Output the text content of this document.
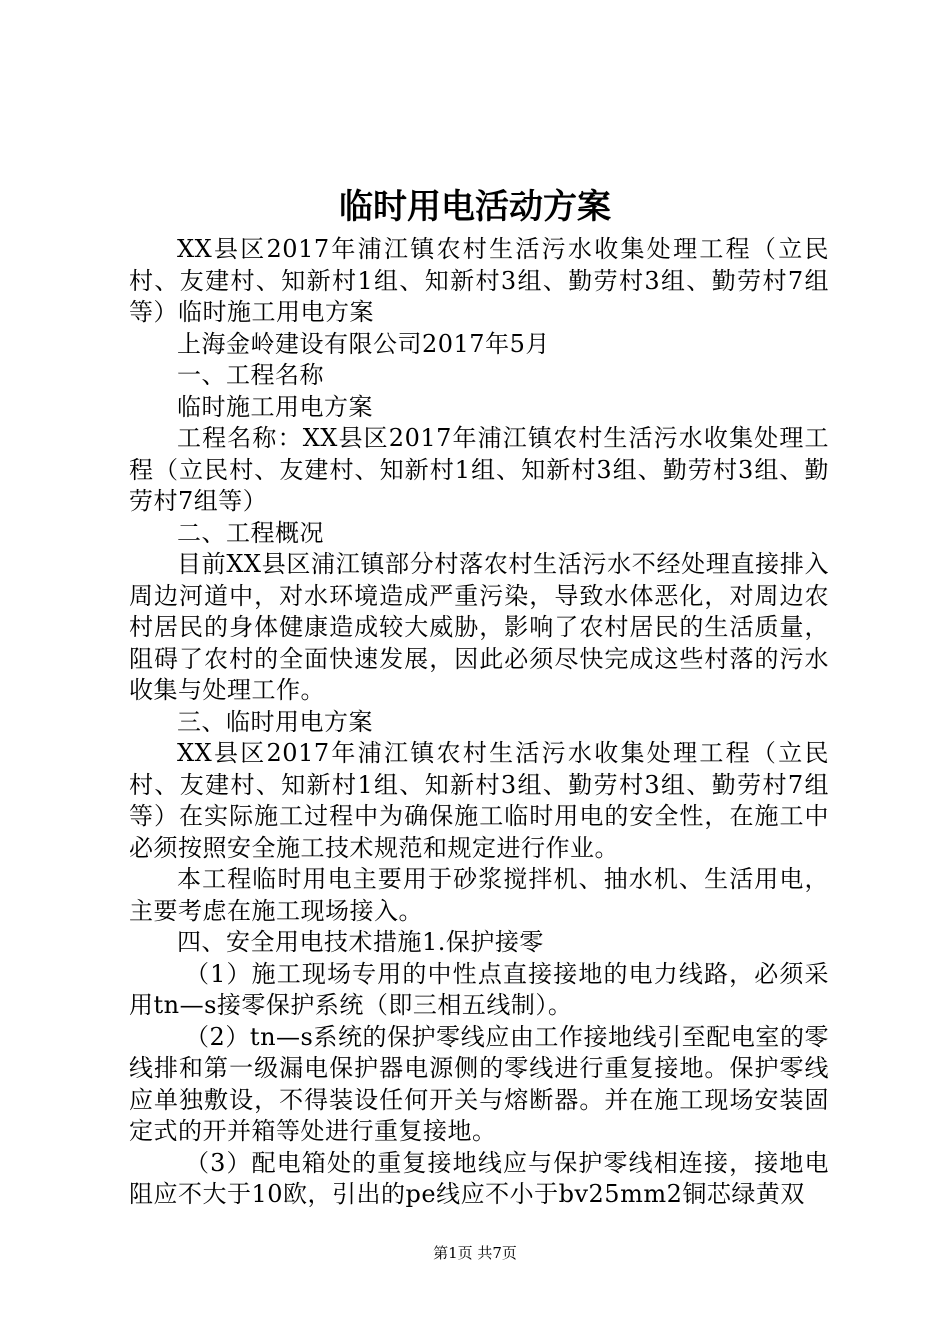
临时用电活动方案

XX县区2017年浦江镇农村生活污水收集处理工程（立民村、友建村、知新村1组、知新村3组、勤劳村3组、勤劳村7组等）临时施工用电方案

上海金岭建设有限公司2017年5月

一、工程名称

临时施工用电方案

工程名称：XX县区2017年浦江镇农村生活污水收集处理工程（立民村、友建村、知新村1组、知新村3组、勤劳村3组、勤劳村7组等）

二、工程概况

目前XX县区浦江镇部分村落农村生活污水不经处理直接排入周边河道中，对水环境造成严重污染，导致水体恶化，对周边农村居民的身体健康造成较大威胁，影响了农村居民的生活质量，阻碍了农村的全面快速发展，因此必须尽快完成这些村落的污水收集与处理工作。

三、临时用电方案

XX县区2017年浦江镇农村生活污水收集处理工程（立民村、友建村、知新村1组、知新村3组、勤劳村3组、勤劳村7组等）在实际施工过程中为确保施工临时用电的安全性，在施工中必须按照安全施工技术规范和规定进行作业。

本工程临时用电主要用于砂浆搅拌机、抽水机、生活用电，主要考虑在施工现场接入。

四、安全用电技术措施1.保护接零

（1）施工现场专用的中性点直接接地的电力线路，必须采用tn—s接零保护系统（即三相五线制）。

（2）tn—s系统的保护零线应由工作接地线引至配电室的零线排和第一级漏电保护器电源侧的零线进行重复接地。保护零线应单独敷设，不得装设任何开关与熔断器。并在施工现场安装固定式的开并箱等处进行重复接地。

（3）配电箱处的重复接地线应与保护零线相连接，接地电阻应不大于10欧，引出的pe线应不小于bv25mm2铜芯绿黄双

第1页 共7页
